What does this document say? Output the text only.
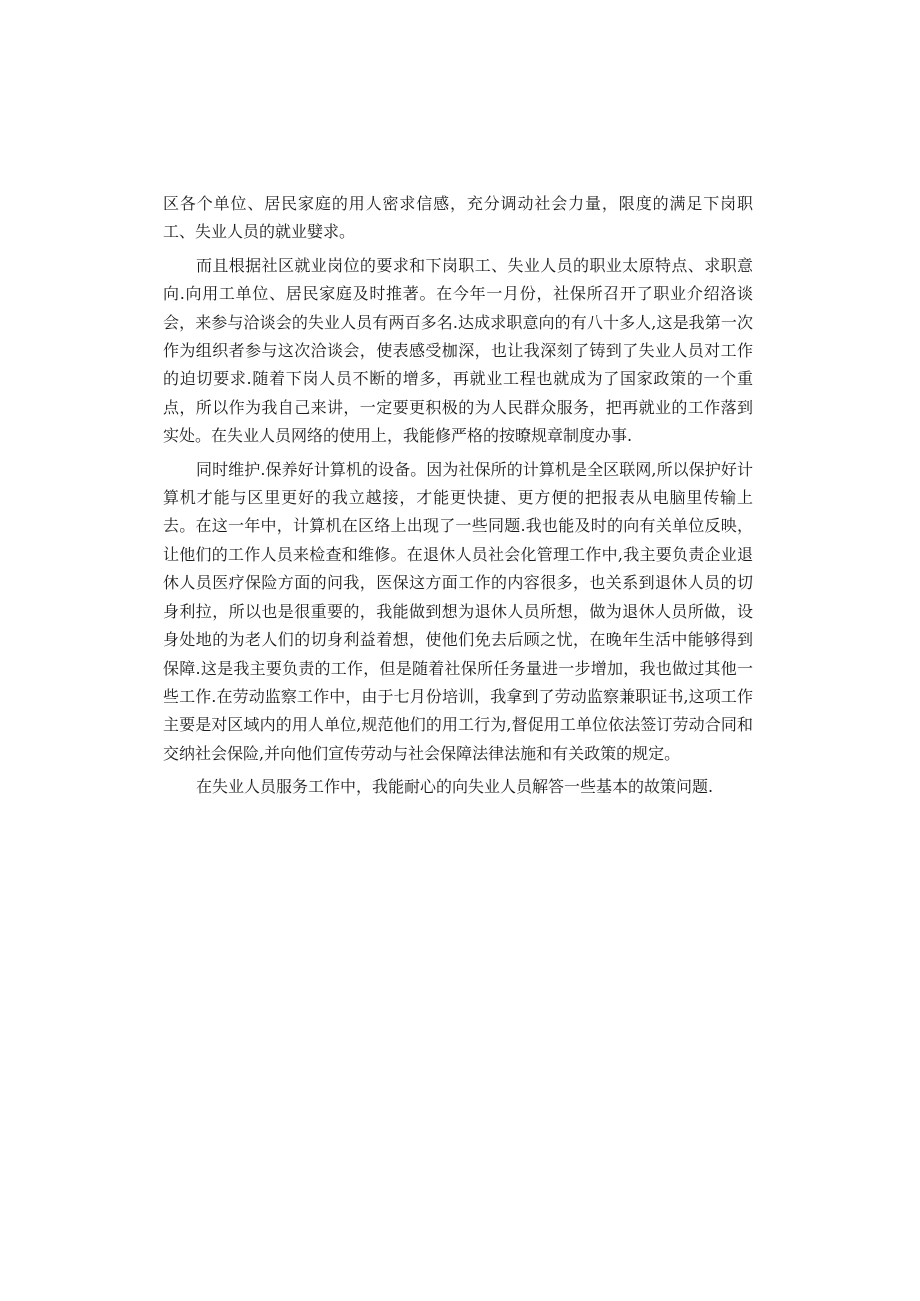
区各个单位、居民家庭的用人密求信感，充分调动社会力量，限度的满足下岗职工、失业人员的就业嬖求。

而且根据社区就业岗位的要求和下岗职工、失业人员的职业太原特点、求职意向.向用工单位、居民家庭及时推著。在今年一月份，社保所召开了职业介绍洛谈会，来参与洽谈会的失业人员有两百多名.达成求职意向的有八十多人,这是我第一次作为组织者参与这次洽谈会，使表感受枷深，也让我深刻了铸到了失业人员对工作的迫切要求.随着下岗人员不断的增多，再就业工程也就成为了国家政策的一个重点，所以作为我自己来讲，一定要更积极的为人民群众服务，把再就业的工作落到实处。在失业人员网络的使用上，我能修严格的按暸规章制度办事.

同时维护.保养好计算机的设备。因为社保所的计算机是全区联网,所以保护好计算机才能与区里更好的我立越接，才能更快捷、更方便的把报表从电脑里传输上去。在这一年中，计算机在区络上出现了一些同题.我也能及时的向有关单位反映，让他们的工作人员来检查和维修。在退休人员社会化管理工作中,我主要负责企业退休人员医疗保险方面的问我，医保这方面工作的内容很多，也关系到退休人员的切身利拉，所以也是很重要的，我能做到想为退休人员所想，做为退休人员所做，设身处地的为老人们的切身利益着想，使他们免去后顾之忧，在晚年生活中能够得到保障.这是我主要负责的工作，但是随着社保所任务量进一步增加，我也做过其他一些工作.在劳动监察工作中，由于七月份培训，我拿到了劳动监察兼职证书,这项工作主要是对区域内的用人单位,规范他们的用工行为,督促用工单位依法签订劳动合同和交纳社会保险,并向他们宣传劳动与社会保障法律法施和有关政策的规定。

在失业人员服务工作中，我能耐心的向失业人员解答一些基本的故策问题.
